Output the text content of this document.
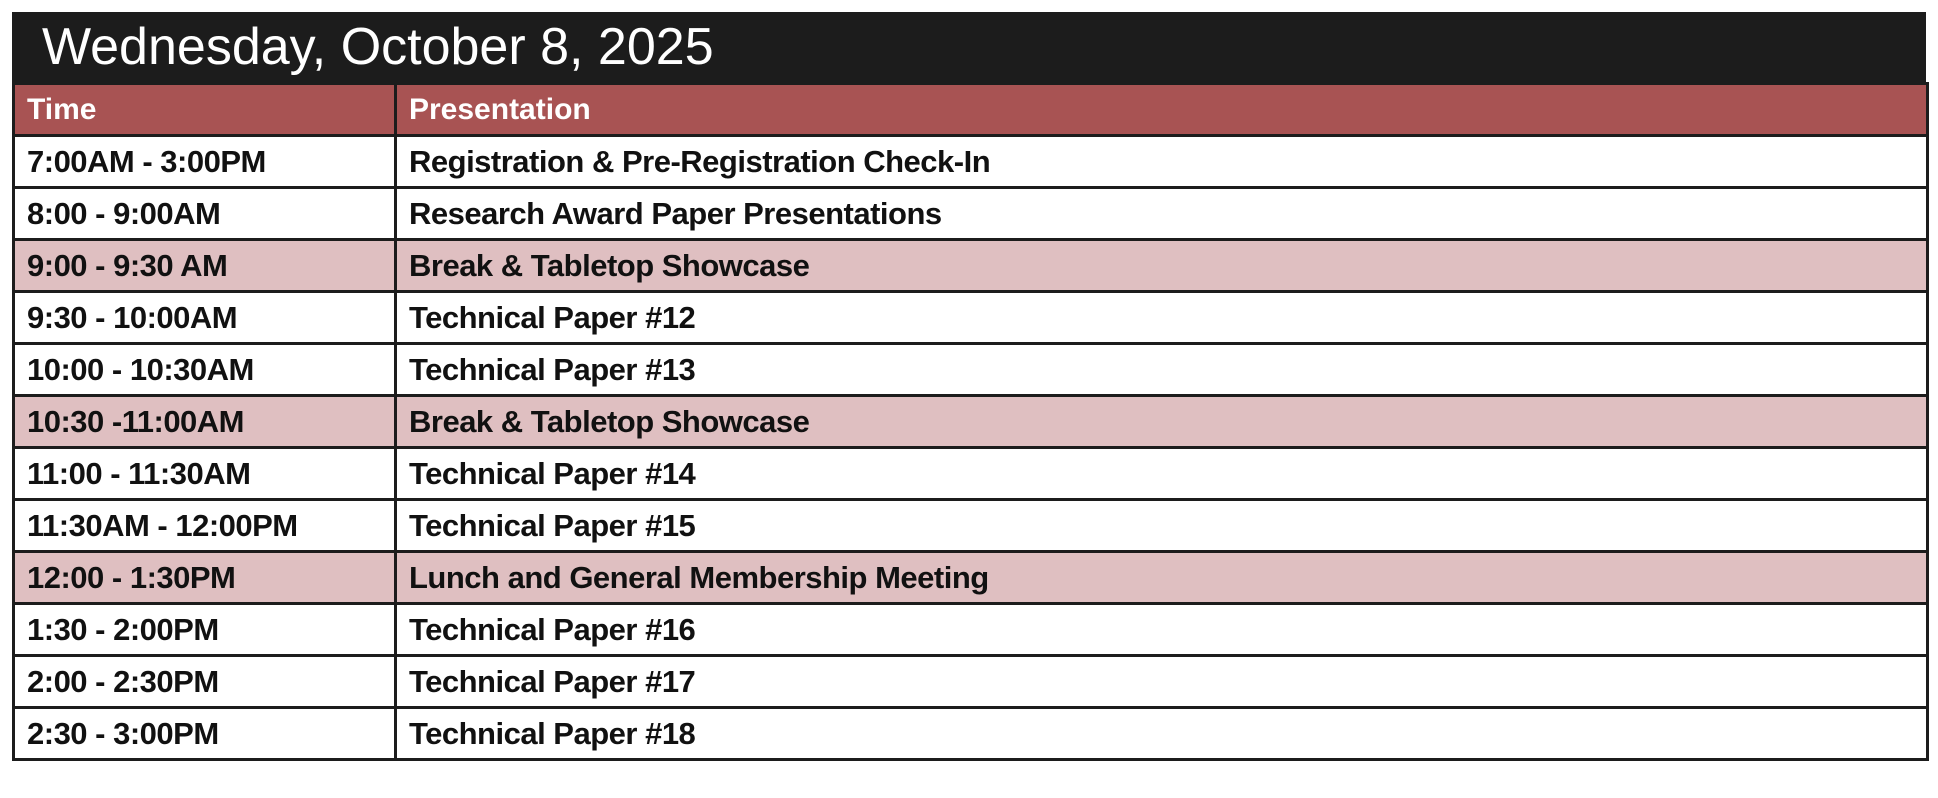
Wednesday, October 8, 2025
Time	Presentation
7:00AM - 3:00PM	Registration & Pre-Registration Check-In
8:00 - 9:00AM	Research Award Paper Presentations
9:00 - 9:30 AM	Break & Tabletop Showcase
9:30 - 10:00AM	Technical Paper #12
10:00 - 10:30AM	Technical Paper #13
10:30 -11:00AM	Break & Tabletop Showcase
11:00 - 11:30AM	Technical Paper #14
11:30AM - 12:00PM	Technical Paper #15
12:00 - 1:30PM	Lunch and General Membership Meeting
1:30 - 2:00PM	Technical Paper #16
2:00 - 2:30PM	Technical Paper #17
2:30 - 3:00PM	Technical Paper #18
